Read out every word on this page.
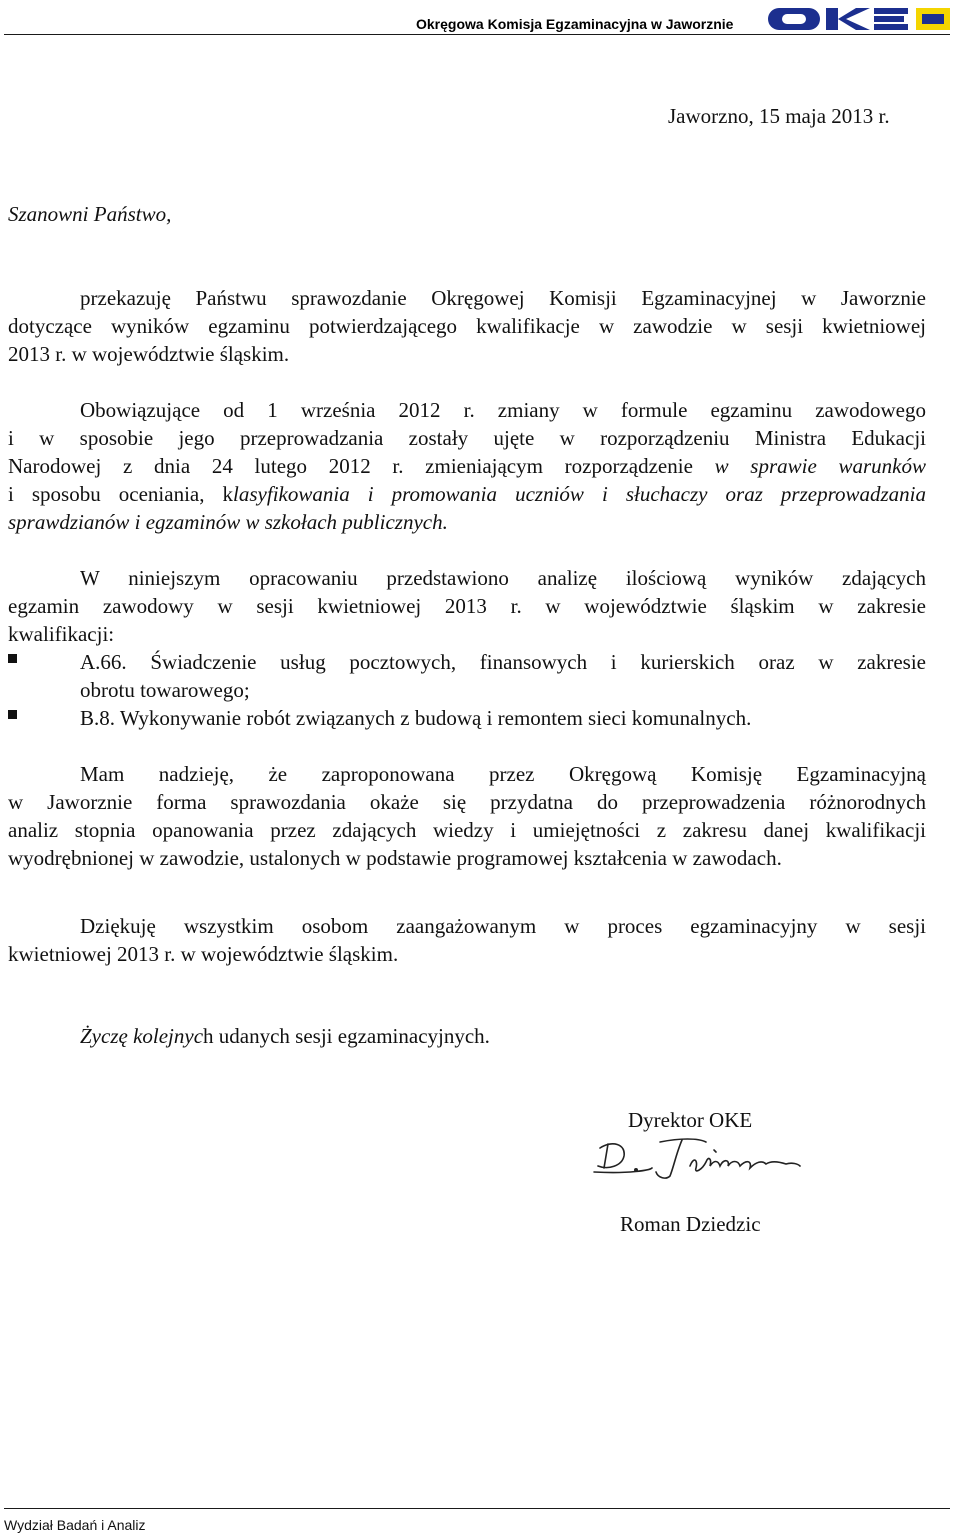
Okręgowa Komisja Egzaminacyjna w Jaworznie
Jaworzno, 15 maja 2013 r.
Szanowni Państwo,
przekazuję Państwu sprawozdanie Okręgowej Komisji Egzaminacyjnej w Jaworznie
dotyczące wyników egzaminu potwierdzającego kwalifikacje w zawodzie w sesji kwietniowej
2013 r. w województwie śląskim.
Obowiązujące od 1 września 2012 r. zmiany w formule egzaminu zawodowego
i w sposobie jego przeprowadzania zostały ujęte w rozporządzeniu Ministra Edukacji
Narodowej z dnia 24 lutego 2012 r. zmieniającym rozporządzenie w sprawie warunków
i sposobu oceniania, klasyfikowania i promowania uczniów i słuchaczy oraz przeprowadzania
sprawdzianów i egzaminów w szkołach publicznych.
W niniejszym opracowaniu przedstawiono analizę ilościową wyników zdających
egzamin zawodowy w sesji kwietniowej 2013 r. w województwie śląskim w zakresie
kwalifikacji:
A.66. Świadczenie usług pocztowych, finansowych i kurierskich oraz w zakresie
obrotu towarowego;
B.8. Wykonywanie robót związanych z budową i remontem sieci komunalnych.
Mam nadzieję, że zaproponowana przez Okręgową Komisję Egzaminacyjną
w Jaworznie forma sprawozdania okaże się przydatna do przeprowadzenia różnorodnych
analiz stopnia opanowania przez zdających wiedzy i umiejętności z zakresu danej kwalifikacji
wyodrębnionej w zawodzie, ustalonych w podstawie programowej kształcenia w zawodach.
Dziękuję wszystkim osobom zaangażowanym w proces egzaminacyjny w sesji
kwietniowej 2013 r. w województwie śląskim.
Życzę kolejnych udanych sesji egzaminacyjnych.
Dyrektor OKE
Roman Dziedzic
Wydział Badań i Analiz
